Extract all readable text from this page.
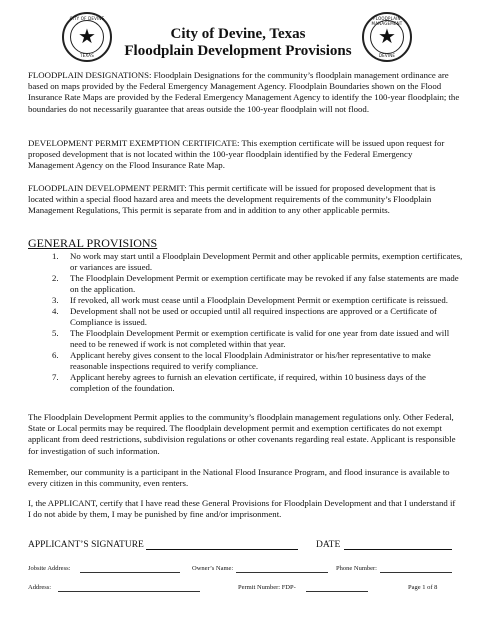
CITY OF DEVINE
★
TEXAS
FLOODPLAIN MANAGEMENT
★
DEVINE
City of Devine, Texas
Floodplain Development Provisions
FLOODPLAIN DESIGNATIONS: Floodplain Designations for the community’s floodplain management ordinance are based on maps provided by the Federal Emergency Management Agency. Floodplain Boundaries shown on the Flood Insurance Rate Maps are provided by the Federal Emergency Management Agency to identify the 100-year floodplain; the boundaries do not necessarily guarantee that areas outside the 100-year floodplain will not flood.
DEVELOPMENT PERMIT EXEMPTION CERTIFICATE: This exemption certificate will be issued upon request for proposed development that is not located within the 100-year floodplain identified by the Federal Emergency Management Agency on the Flood Insurance Rate Map.
FLOODPLAIN DEVELOPMENT PERMIT: This permit certificate will be issued for proposed development that is located within a special flood hazard area and meets the development requirements of the community’s Floodplain Management Regulations, This permit is separate from and in addition to any other applicable permits.
GENERAL PROVISIONS
1. No work may start until a Floodplain Development Permit and other applicable permits, exemption certificates, or variances are issued.
2. The Floodplain Development Permit or exemption certificate may be revoked if any false statements are made on the application.
3. If revoked, all work must cease until a Floodplain Development Permit or exemption certificate is reissued.
4. Development shall not be used or occupied until all required inspections are approved or a Certificate of Compliance is issued.
5. The Floodplain Development Permit or exemption certificate is valid for one year from date issued and will need to be renewed if work is not completed within that year.
6. Applicant hereby gives consent to the local Floodplain Administrator or his/her representative to make reasonable inspections required to verify compliance.
7. Applicant hereby agrees to furnish an elevation certificate, if required, within 10 business days of the completion of the foundation.
The Floodplain Development Permit applies to the community’s floodplain management regulations only. Other Federal, State or Local permits may be required. The floodplain development permit and exemption certificates do not exempt applicant from deed restrictions, subdivision regulations or other covenants regarding real estate. Applicant is responsible for investigation of such information.
Remember, our community is a participant in the National Flood Insurance Program, and flood insurance is available to every citizen in this community, even renters.
I, the APPLICANT, certify that I have read these General Provisions for Floodplain Development and that I understand if I do not abide by them, I may be punished by fine and/or imprisonment.
APPLICANT’S SIGNATURE	DATE
Jobsite Address:	Owner’s Name:	Phone Number:
Address:	Permit Number: FDP-	Page 1 of 8
